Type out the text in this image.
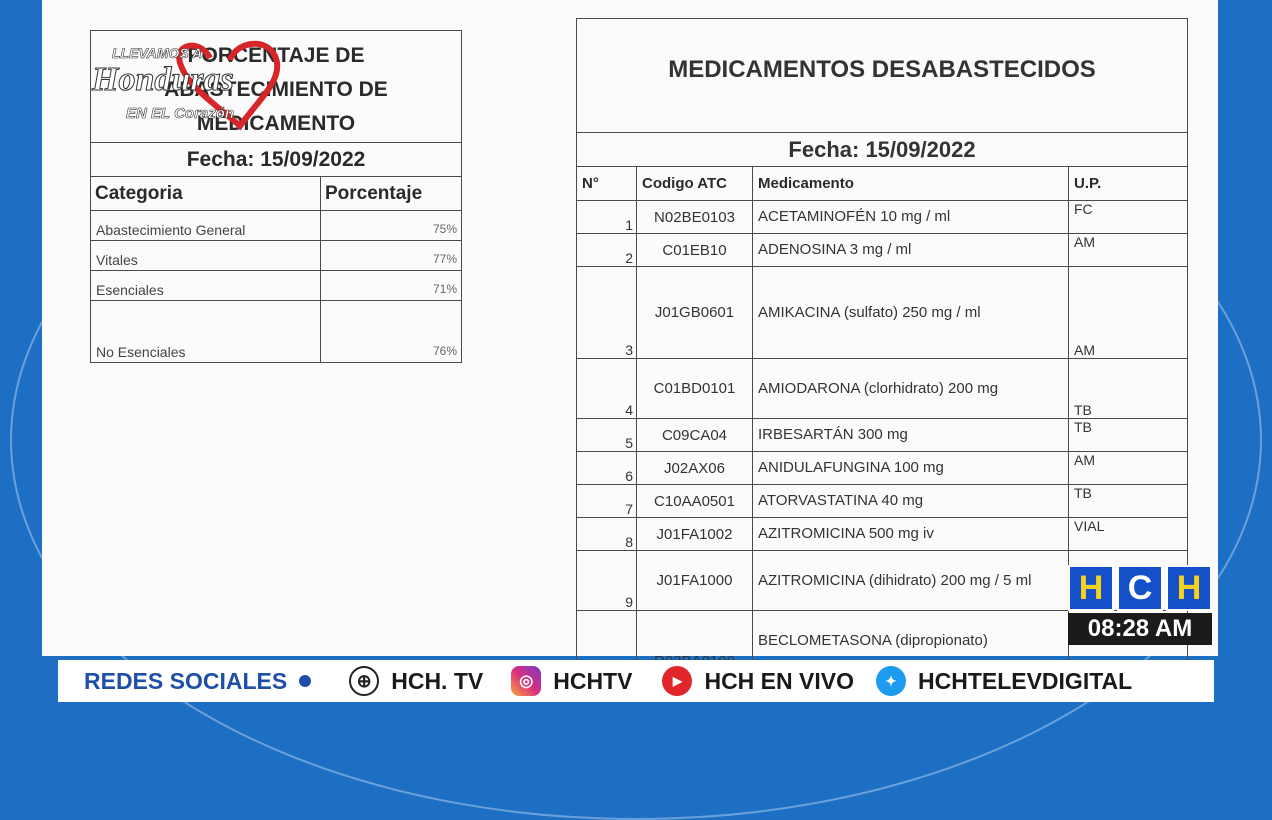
PORCENTAJE DE
ABASTECIMIENTO DE
MEDICAMENTO	

Fecha: 15/09/2022	
Categoria	Porcentaje
Abastecimiento General	75%
Vitales	77%
Esenciales	71%
No Esenciales	76%
MEDICAMENTOS DESABASTECIDOS			
Fecha: 15/09/2022			
N°	Codigo ATC	Medicamento	U.P.
1	N02BE0103	ACETAMINOFÉN 10 mg / ml	FC
2	C01EB10	ADENOSINA 3 mg / ml	AM
3	J01GB0601	AMIKACINA (sulfato) 250 mg / ml	AM
4	C01BD0101	AMIODARONA (clorhidrato) 200 mg	TB
5	C09CA04	IRBESARTÁN 300 mg	TB
6	J02AX06	ANIDULAFUNGINA 100 mg	AM
7	C10AA0501	ATORVASTATINA 40 mg	TB
8	J01FA1002	AZITROMICINA 500 mg iv	VIAL
9	J01FA1000	AZITROMICINA (dihidrato) 200 mg / 5 ml	
		BECLOMETASONA (dipropionato)	
LLEVAMOS A
Honduras
EN EL Corazón
H C H
08:28 AM
REDES SOCIALES	⊕ HCH. TV	◎ HCHTV	▶ HCH EN VIVO	✦ HCHTELEVDIGITAL
